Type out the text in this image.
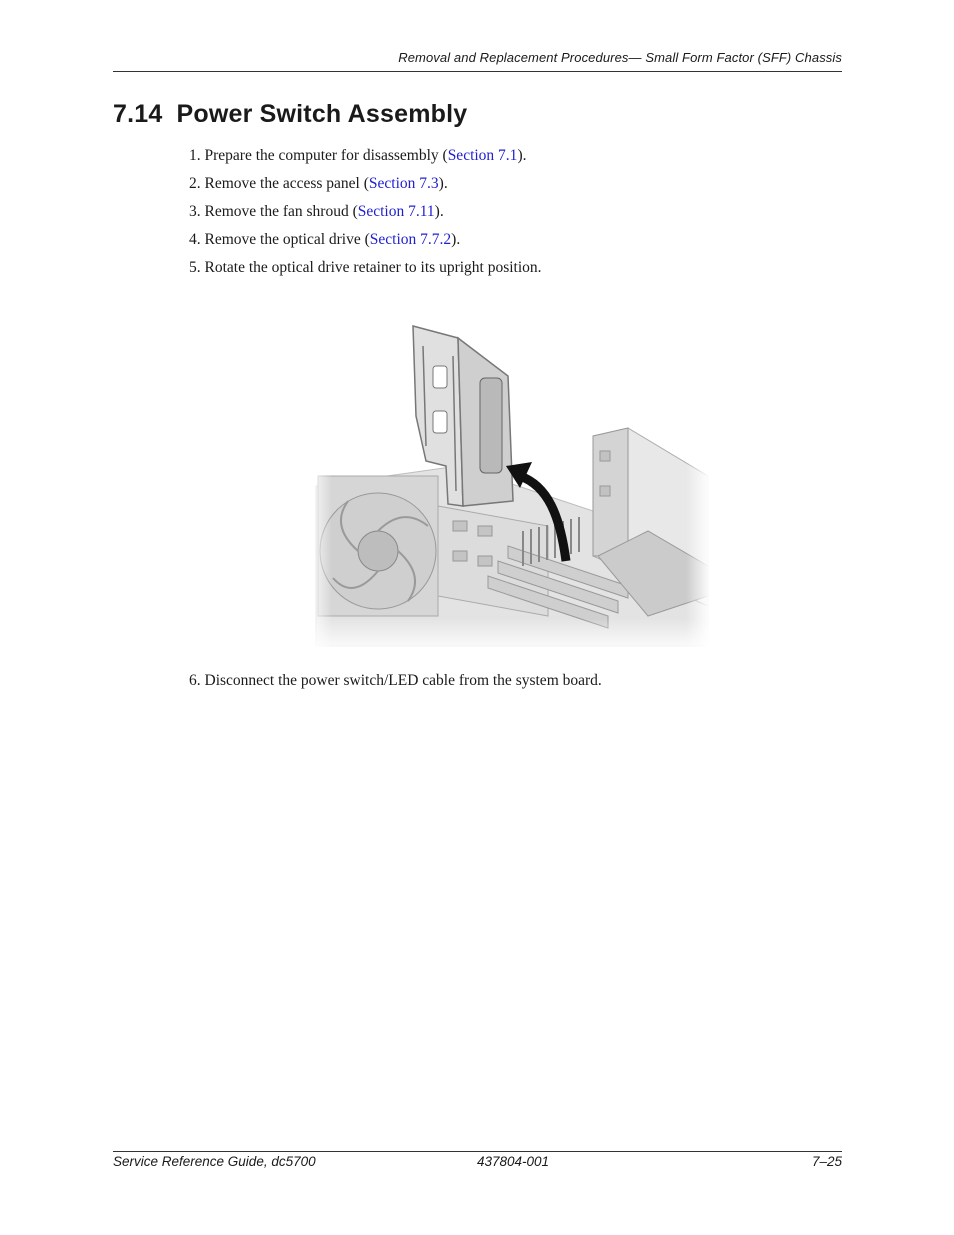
Removal and Replacement Procedures— Small Form Factor (SFF) Chassis
7.14 Power Switch Assembly
1. Prepare the computer for disassembly (Section 7.1).
2. Remove the access panel (Section 7.3).
3. Remove the fan shroud (Section 7.11).
4. Remove the optical drive (Section 7.7.2).
5. Rotate the optical drive retainer to its upright position.
6. Disconnect the power switch/LED cable from the system board.
Service Reference Guide, dc5700	437804-001	7–25
